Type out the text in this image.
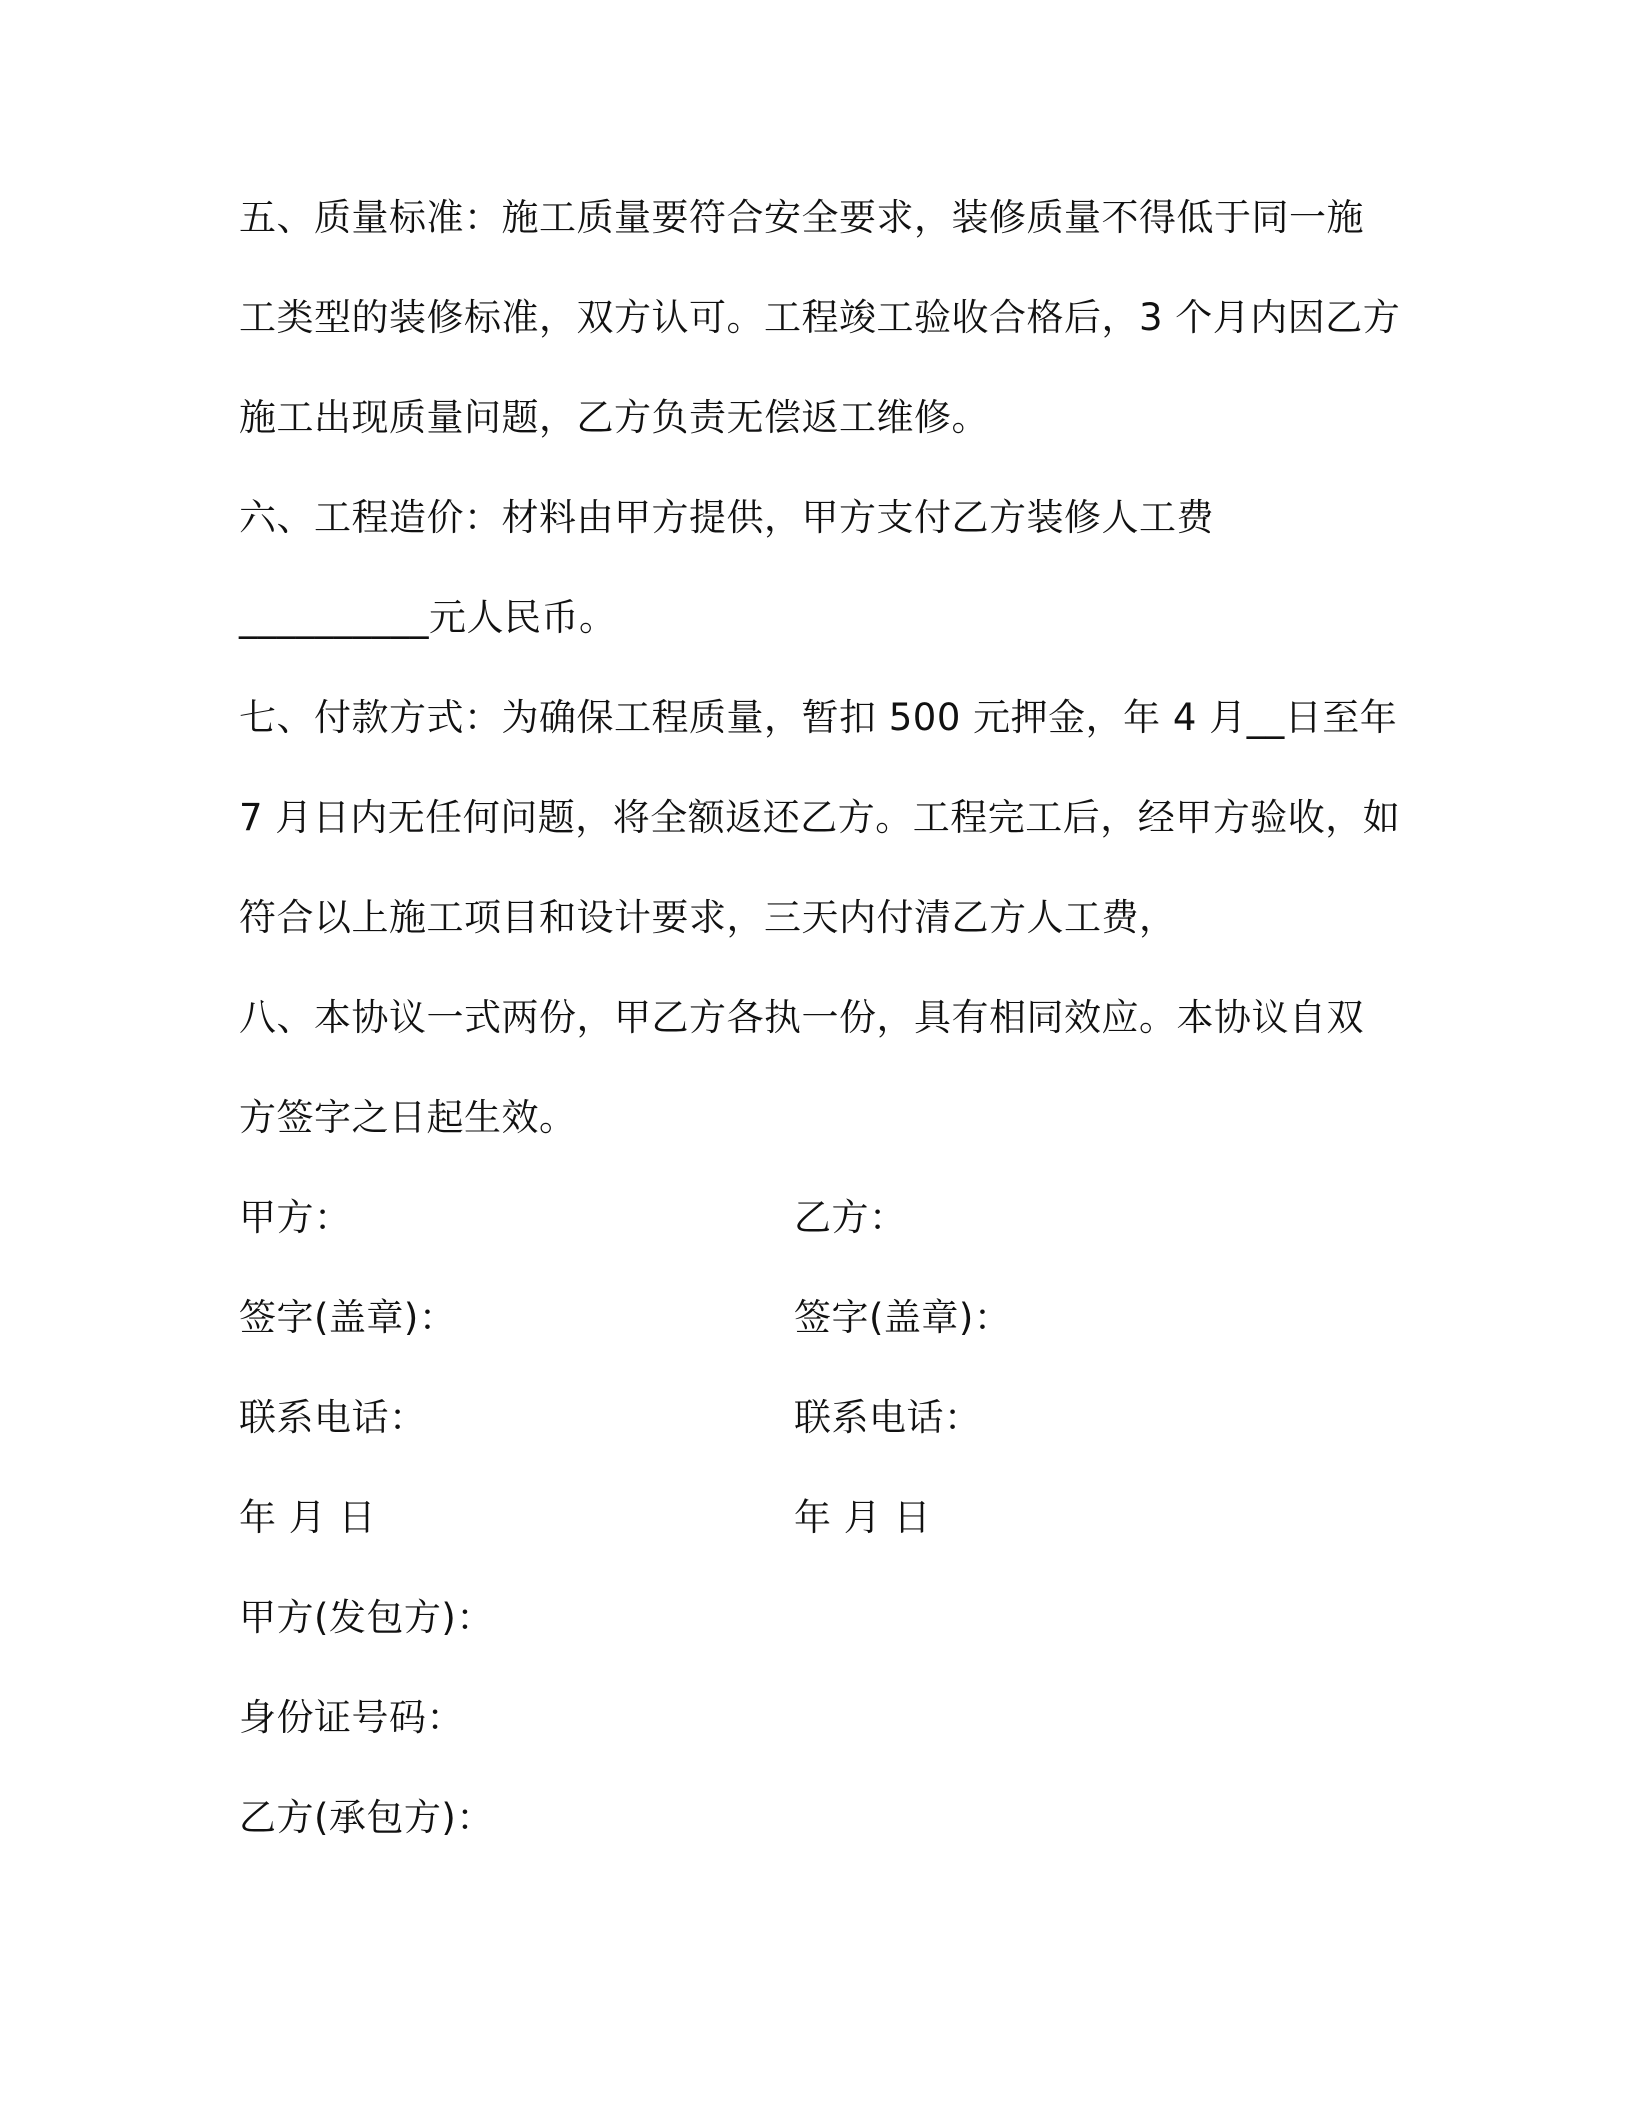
五、质量标准：施工质量要符合安全要求，装修质量不得低于同一施
工类型的装修标准，双方认可。工程竣工验收合格后，3 个月内因乙方
施工出现质量问题，乙方负责无偿返工维修。
六、工程造价：材料由甲方提供，甲方支付乙方装修人工费
__________元人民币。
七、付款方式：为确保工程质量，暂扣 500 元押金，年 4 月__日至年
7 月日内无任何问题，将全额返还乙方。工程完工后，经甲方验收，如
符合以上施工项目和设计要求，三天内付清乙方人工费，
八、本协议一式两份，甲乙方各执一份，具有相同效应。本协议自双
方签字之日起生效。
甲方：
签字(盖章)：
联系电话：
年 月 日
乙方：
签字(盖章)：
联系电话：
年 月 日
甲方(发包方)：
身份证号码：
乙方(承包方)：
